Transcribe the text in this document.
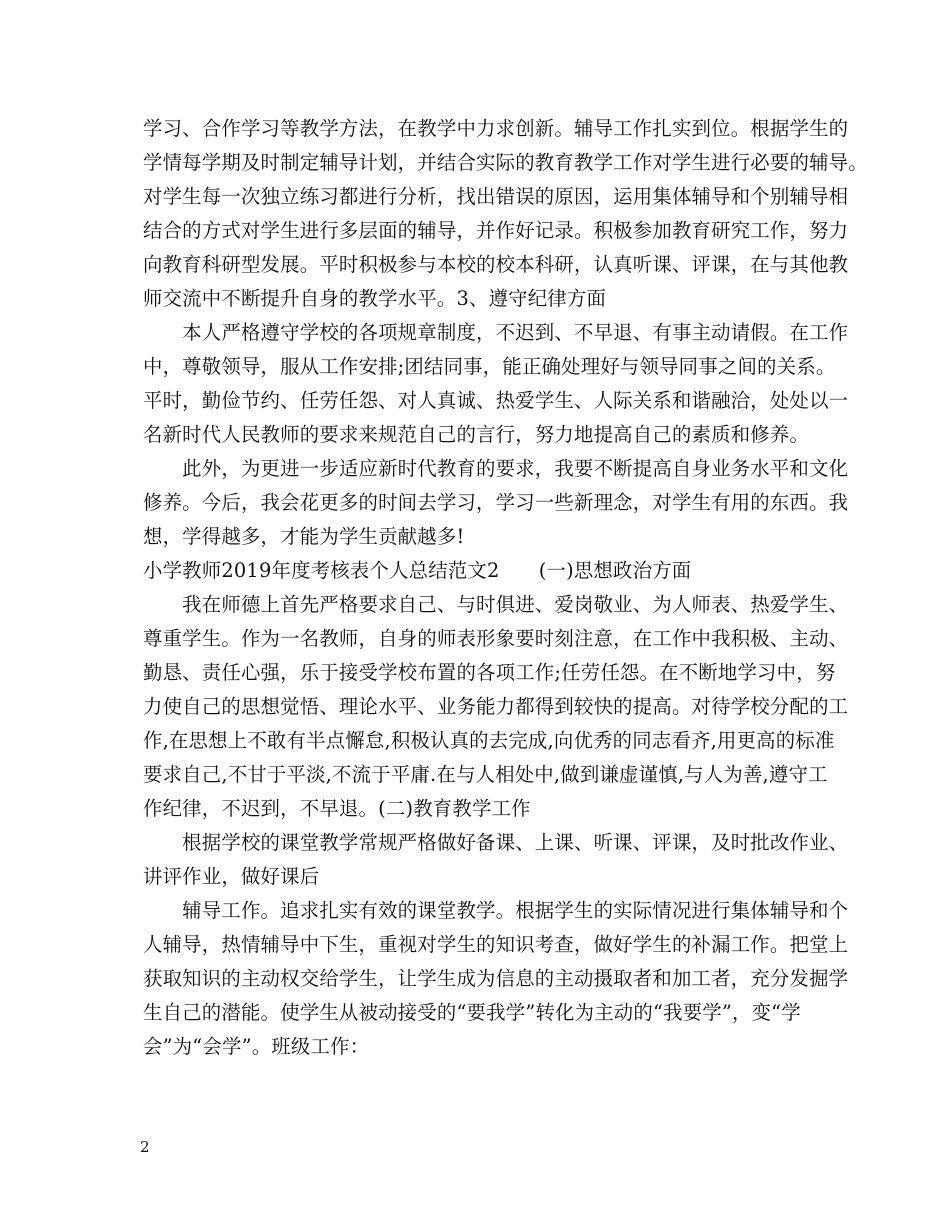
学习、合作学习等教学方法，在教学中力求创新。辅导工作扎实到位。根据学生的
学情每学期及时制定辅导计划，并结合实际的教育教学工作对学生进行必要的辅导。
对学生每一次独立练习都进行分析，找出错误的原因，运用集体辅导和个别辅导相
结合的方式对学生进行多层面的辅导，并作好记录。积极参加教育研究工作，努力
向教育科研型发展。平时积极参与本校的校本科研，认真听课、评课，在与其他教
师交流中不断提升自身的教学水平。3、遵守纪律方面
　　本人严格遵守学校的各项规章制度，不迟到、不早退、有事主动请假。在工作
中，尊敬领导，服从工作安排;团结同事，能正确处理好与领导同事之间的关系。
平时，勤俭节约、任劳任怨、对人真诚、热爱学生、人际关系和谐融洽，处处以一
名新时代人民教师的要求来规范自己的言行，努力地提高自己的素质和修养。
　　此外，为更进一步适应新时代教育的要求，我要不断提高自身业务水平和文化
修养。今后，我会花更多的时间去学习，学习一些新理念，对学生有用的东西。我
想，学得越多，才能为学生贡献越多!
小学教师2019年度考核表个人总结范文2　　(一)思想政治方面
　　我在师德上首先严格要求自己、与时俱进、爱岗敬业、为人师表、热爱学生、
尊重学生。作为一名教师，自身的师表形象要时刻注意，在工作中我积极、主动、
勤恳、责任心强，乐于接受学校布置的各项工作;任劳任怨。在不断地学习中，努
力使自己的思想觉悟、理论水平、业务能力都得到较快的提高。对待学校分配的工
作,在思想上不敢有半点懈怠,积极认真的去完成,向优秀的同志看齐,用更高的标准
要求自己,不甘于平淡,不流于平庸.在与人相处中,做到谦虚谨慎,与人为善,遵守工
作纪律，不迟到，不早退。(二)教育教学工作
　　根据学校的课堂教学常规严格做好备课、上课、听课、评课，及时批改作业、
讲评作业，做好课后
　　辅导工作。追求扎实有效的课堂教学。根据学生的实际情况进行集体辅导和个
人辅导，热情辅导中下生，重视对学生的知识考查，做好学生的补漏工作。把堂上
获取知识的主动权交给学生，让学生成为信息的主动摄取者和加工者，充分发掘学
生自己的潜能。使学生从被动接受的“要我学”转化为主动的“我要学”，变“学
会”为“会学”。班级工作：
2
